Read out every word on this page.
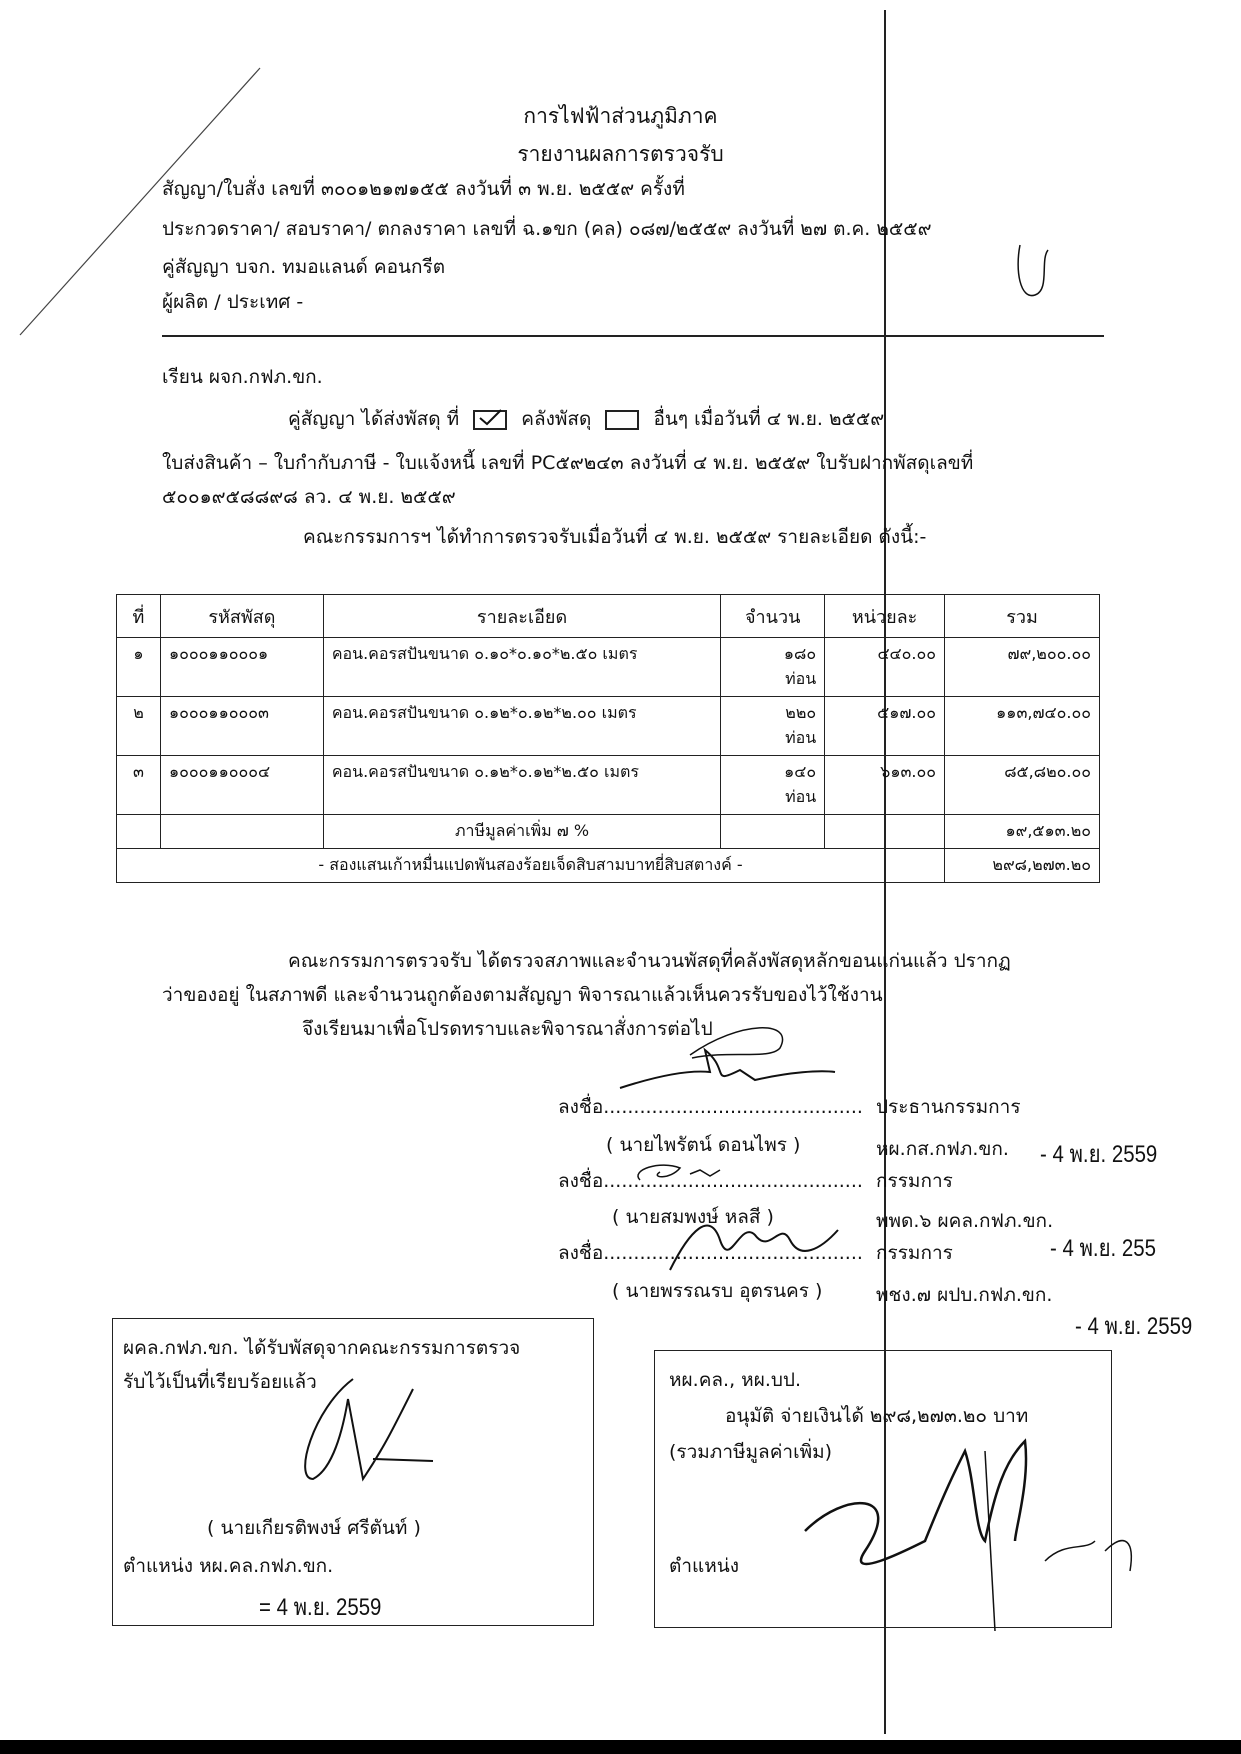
การไฟฟ้าส่วนภูมิภาค
รายงานผลการตรวจรับ
สัญญา/ใบสั่ง เลขที่ ๓๐๐๑๒๑๗๑๕๕ ลงวันที่ ๓ พ.ย. ๒๕๕๙ ครั้งที่
ประกวดราคา/ สอบราคา/ ตกลงราคา เลขที่ ฉ.๑ขก (คล) ๐๘๗/๒๕๕๙ ลงวันที่ ๒๗ ต.ค. ๒๕๕๙
คู่สัญญา บจก. ทมอแลนด์ คอนกรีต
ผู้ผลิต / ประเทศ -
เรียน ผจก.กฟภ.ขก.
คู่สัญญา ได้ส่งพัสดุ ที่	คลังพัสดุ	อื่นๆ เมื่อวันที่ ๔ พ.ย. ๒๕๕๙
ใบส่งสินค้า – ใบกำกับภาษี - ใบแจ้งหนี้ เลขที่ PC๕๙๒๔๓ ลงวันที่ ๔ พ.ย. ๒๕๕๙ ใบรับฝากพัสดุเลขที่
๕๐๐๑๙๕๘๘๙๘ ลว. ๔ พ.ย. ๒๕๕๙
คณะกรรมการฯ ได้ทำการตรวจรับเมื่อวันที่ ๔ พ.ย. ๒๕๕๙ รายละเอียด ดังนี้:-
ที่	รหัสพัสดุ	รายละเอียด	จำนวน	หน่วยละ	รวม
๑	๑๐๐๐๑๑๐๐๐๑	คอน.คอรสปันขนาด ๐.๑๐*๐.๑๐*๒.๕๐ เมตร	๑๘๐
ท่อน	๔๔๐.๐๐	๗๙,๒๐๐.๐๐
๒	๑๐๐๐๑๑๐๐๐๓	คอน.คอรสปันขนาด ๐.๑๒*๐.๑๒*๒.๐๐ เมตร	๒๒๐
ท่อน	๕๑๗.๐๐	๑๑๓,๗๔๐.๐๐
๓	๑๐๐๐๑๑๐๐๐๔	คอน.คอรสปันขนาด ๐.๑๒*๐.๑๒*๒.๕๐ เมตร	๑๔๐
ท่อน	๖๑๓.๐๐	๘๕,๘๒๐.๐๐
		ภาษีมูลค่าเพิ่ม ๗ %			๑๙,๕๑๓.๒๐
- สองแสนเก้าหมื่นแปดพันสองร้อยเจ็ดสิบสามบาทยี่สิบสตางค์ -					๒๙๘,๒๗๓.๒๐
คณะกรรมการตรวจรับ ได้ตรวจสภาพและจำนวนพัสดุที่คลังพัสดุหลักขอนแก่นแล้ว ปรากฏ
ว่าของอยู่ ในสภาพดี และจำนวนถูกต้องตามสัญญา พิจารณาแล้วเห็นควรรับของไว้ใช้งาน
จึงเรียนมาเพื่อโปรดทราบและพิจารณาสั่งการต่อไป
ลงชื่อ........................................... ประธานกรรมการ
( นายไพรัตน์ ดอนไพร )	หผ.กส.กฟภ.ขก. - 4 พ.ย. 2559
ลงชื่อ........................................... กรรมการ
( นายสมพงษ์ หลสี )	พพด.๖ ผคล.กฟภ.ขก.
- 4 พ.ย. 255
ลงชื่อ........................................... กรรมการ
( นายพรรณรบ อุตรนคร )	พชง.๗ ผปบ.กฟภ.ขก.
- 4 พ.ย. 2559
ผคล.กฟภ.ขก. ได้รับพัสดุจากคณะกรรมการตรวจ
รับไว้เป็นที่เรียบร้อยแล้ว
( นายเกียรติพงษ์ ศรีตันท์ )
ตำแหน่ง หผ.คล.กฟภ.ขก.
= 4 พ.ย. 2559
หผ.คล., หผ.บป.
อนุมัติ จ่ายเงินได้ ๒๙๘,๒๗๓.๒๐ บาท
(รวมภาษีมูลค่าเพิ่ม)
ตำแหน่ง
